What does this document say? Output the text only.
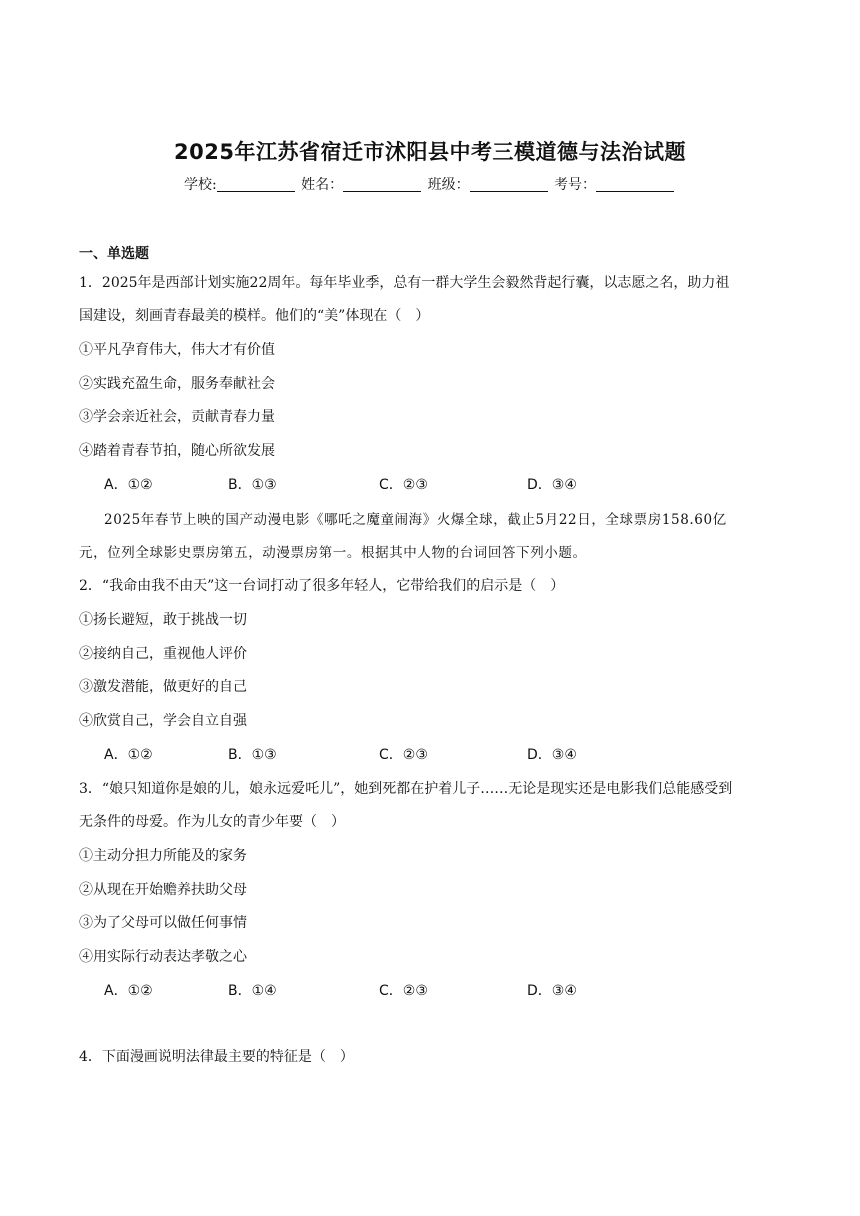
2025年江苏省宿迁市沭阳县中考三模道德与法治试题
学校:	姓名：	班级：	考号：
一、单选题
1．2025年是西部计划实施22周年。每年毕业季，总有一群大学生会毅然背起行囊，以志愿之名，助力祖
国建设，刻画青春最美的模样。他们的“美”体现在（　）
①平凡孕育伟大，伟大才有价值
②实践充盈生命，服务奉献社会
③学会亲近社会，贡献青春力量
④踏着青春节拍，随心所欲发展
A．①②	B．①③	C．②③	D．③④
2025年春节上映的国产动漫电影《哪吒之魔童闹海》火爆全球，截止5月22日，全球票房158.60亿
元，位列全球影史票房第五，动漫票房第一。根据其中人物的台词回答下列小题。
2．“我命由我不由天”这一台词打动了很多年轻人，它带给我们的启示是（　）
①扬长避短，敢于挑战一切
②接纳自己，重视他人评价
③激发潜能，做更好的自己
④欣赏自己，学会自立自强
A．①②	B．①③	C．②③	D．③④
3．“娘只知道你是娘的儿，娘永远爱吒儿”，她到死都在护着儿子……无论是现实还是电影我们总能感受到
无条件的母爱。作为儿女的青少年要（　）
①主动分担力所能及的家务
②从现在开始赡养扶助父母
③为了父母可以做任何事情
④用实际行动表达孝敬之心
A．①②	B．①④	C．②③	D．③④
4．下面漫画说明法律最主要的特征是（　）
